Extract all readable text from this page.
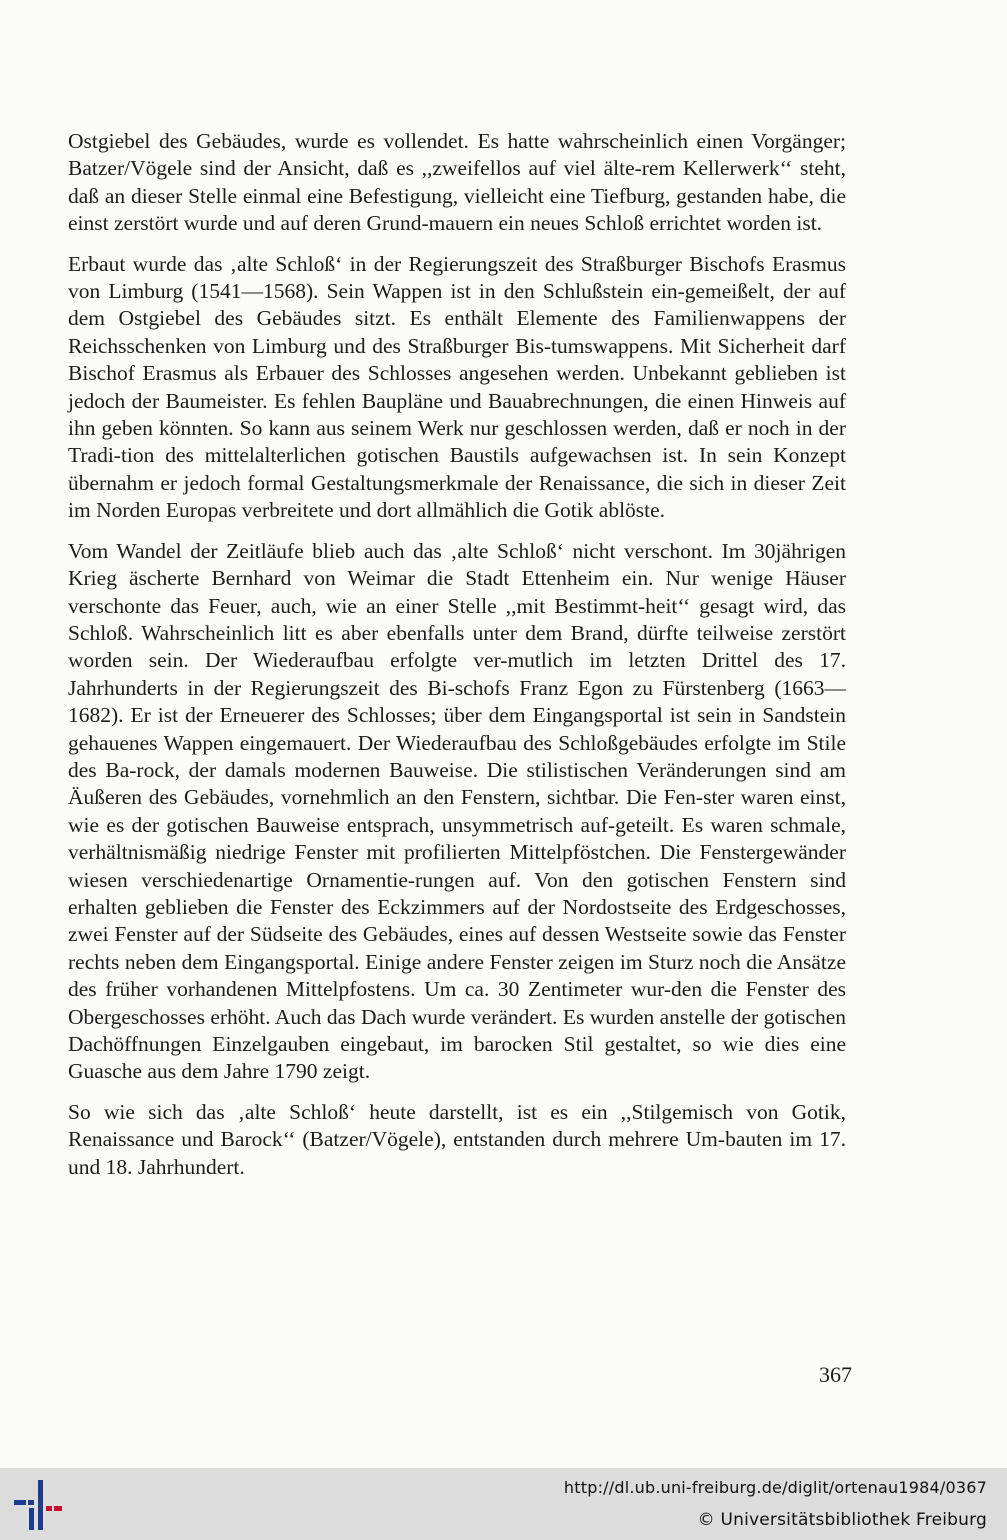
Ostgiebel des Gebäudes, wurde es vollendet. Es hatte wahrscheinlich einen Vorgänger; Batzer/Vögele sind der Ansicht, daß es ,,zweifellos auf viel älte-rem Kellerwerk‘‘ steht, daß an dieser Stelle einmal eine Befestigung, vielleicht eine Tiefburg, gestanden habe, die einst zerstört wurde und auf deren Grund-mauern ein neues Schloß errichtet worden ist.

Erbaut wurde das ‚alte Schloß‘ in der Regierungszeit des Straßburger Bischofs Erasmus von Limburg (1541—1568). Sein Wappen ist in den Schlußstein ein-gemeißelt, der auf dem Ostgiebel des Gebäudes sitzt. Es enthält Elemente des Familienwappens der Reichsschenken von Limburg und des Straßburger Bis-tumswappens. Mit Sicherheit darf Bischof Erasmus als Erbauer des Schlosses angesehen werden. Unbekannt geblieben ist jedoch der Baumeister. Es fehlen Baupläne und Bauabrechnungen, die einen Hinweis auf ihn geben könnten. So kann aus seinem Werk nur geschlossen werden, daß er noch in der Tradi-tion des mittelalterlichen gotischen Baustils aufgewachsen ist. In sein Konzept übernahm er jedoch formal Gestaltungsmerkmale der Renaissance, die sich in dieser Zeit im Norden Europas verbreitete und dort allmählich die Gotik ablöste.

Vom Wandel der Zeitläufe blieb auch das ‚alte Schloß‘ nicht verschont. Im 30jährigen Krieg äscherte Bernhard von Weimar die Stadt Ettenheim ein. Nur wenige Häuser verschonte das Feuer, auch, wie an einer Stelle ,,mit Bestimmt-heit‘‘ gesagt wird, das Schloß. Wahrscheinlich litt es aber ebenfalls unter dem Brand, dürfte teilweise zerstört worden sein. Der Wiederaufbau erfolgte ver-mutlich im letzten Drittel des 17. Jahrhunderts in der Regierungszeit des Bi-schofs Franz Egon zu Fürstenberg (1663—1682). Er ist der Erneuerer des Schlosses; über dem Eingangsportal ist sein in Sandstein gehauenes Wappen eingemauert. Der Wiederaufbau des Schloßgebäudes erfolgte im Stile des Ba-rock, der damals modernen Bauweise. Die stilistischen Veränderungen sind am Äußeren des Gebäudes, vornehmlich an den Fenstern, sichtbar. Die Fen-ster waren einst, wie es der gotischen Bauweise entsprach, unsymmetrisch auf-geteilt. Es waren schmale, verhältnismäßig niedrige Fenster mit profilierten Mittelpföstchen. Die Fenstergewänder wiesen verschiedenartige Ornamentie-rungen auf. Von den gotischen Fenstern sind erhalten geblieben die Fenster des Eckzimmers auf der Nordostseite des Erdgeschosses, zwei Fenster auf der Südseite des Gebäudes, eines auf dessen Westseite sowie das Fenster rechts neben dem Eingangsportal. Einige andere Fenster zeigen im Sturz noch die Ansätze des früher vorhandenen Mittelpfostens. Um ca. 30 Zentimeter wur-den die Fenster des Obergeschosses erhöht. Auch das Dach wurde verändert. Es wurden anstelle der gotischen Dachöffnungen Einzelgauben eingebaut, im barocken Stil gestaltet, so wie dies eine Guasche aus dem Jahre 1790 zeigt.

So wie sich das ‚alte Schloß‘ heute darstellt, ist es ein ,,Stilgemisch von Gotik, Renaissance und Barock‘‘ (Batzer/Vögele), entstanden durch mehrere Um-bauten im 17. und 18. Jahrhundert.

367
http://dl.ub.uni-freiburg.de/diglit/ortenau1984/0367
© Universitätsbibliothek Freiburg
